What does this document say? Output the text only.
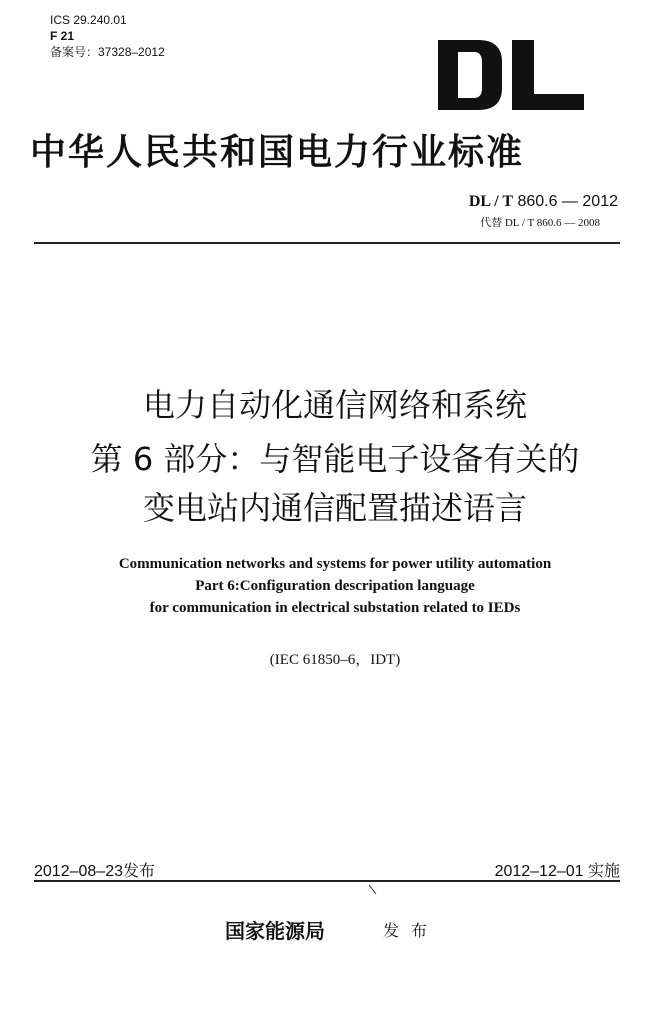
ICS 29.240.01
F 21
备案号：37328–2012
中华人民共和国电力行业标准
DL / T 860.6 — 2012
代替 DL / T 860.6 — 2008
电力自动化通信网络和系统
第 6 部分：与智能电子设备有关的
变电站内通信配置描述语言
Communication networks and systems for power utility automation
Part 6:Configuration descripation language
for communication in electrical substation related to IEDs
(IEC 61850–6，IDT)
2012–08–23发布	2012–12–01 实施
国家能源局	发布
